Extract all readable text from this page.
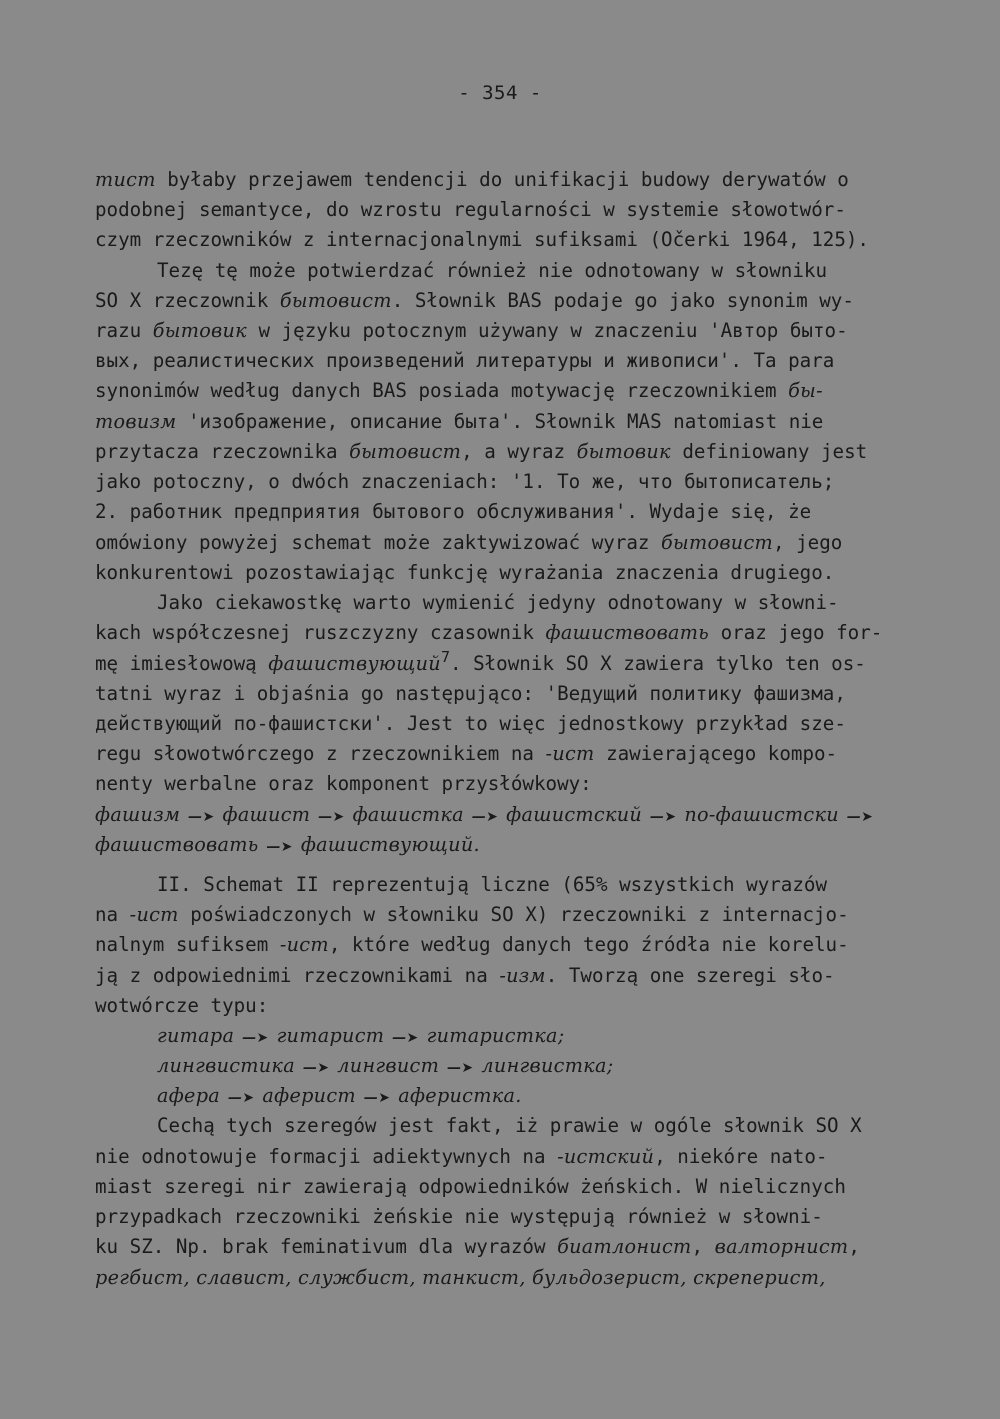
- 354 -
mucm byłaby przejawem tendencji do unifikacji budowy derywatów o
podobnej semantyce, do wzrostu regularności w systemie słowotwór-
czym rzeczowników z internacjonalnymi sufiksami (Očerki 1964, 125).
Tezę tę może potwierdzać również nie odnotowany w słowniku
SO X rzeczownik бытовист. Słownik BAS podaje go jako synonim wy-
razu бытовик w języku potocznym używany w znaczeniu 'Автор быто-
вых, реалистических произведений литературы и живописи'. Ta para
synonimów według danych BAS posiada motywację rzeczownikiem бы-
товизм 'изображение, описание быта'. Słownik MAS natomiast nie
przytacza rzeczownika бытовист, a wyraz бытовик definiowany jest
jako potoczny, o dwóch znaczeniach: '1. То же, что бытописатель;
2. работник предприятия бытового обслуживания'. Wydaje się, że
omówiony powyżej schemat może zaktywizować wyraz бытовист, jego
konkurentowi pozostawiając funkcję wyrażania znaczenia drugiego.
Jako ciekawostkę warto wymienić jedyny odnotowany w słowni-
kach współczesnej ruszczyzny czasownik фашиствовать oraz jego for-
mę imiesłowową фашиствующий$^7$. Słownik SO X zawiera tylko ten os-
tatni wyraz i objaśnia go następująco: 'Ведущий политику фашизма,
действующий по-фашистски'. Jest to więc jednostkowy przykład sze-
regu słowotwórczego z rzeczownikiem na -ист zawierającego kompo-
nenty werbalne oraz komponent przysłówkowy:
фашизм —➤ фашист —➤ фашистка —➤ фашистский —➤ по-фашистски —➤
фашиствовать —➤ фашиствующий.
II. Schemat II reprezentują liczne (65% wszystkich wyrazów
na -ист poświadczonych w słowniku SO X) rzeczowniki z internacjo-
nalnym sufiksem -ист, które według danych tego źródła nie korelu-
ją z odpowiednimi rzeczownikami na -изм. Tworzą one szeregi sło-
wotwórcze typu:
гитара —➤ гитарист —➤ гитаристка;
лингвистика —➤ лингвист —➤ лингвистка;
афера —➤ аферист —➤ аферистка.
Cechą tych szeregów jest fakt, iż prawie w ogóle słownik SO X
nie odnotowuje formacji adiektywnych na -истский, niekóre nato-
miast szeregi nir zawierają odpowiedników żeńskich. W nielicznych
przypadkach rzeczowniki żeńskie nie występują również w słowni-
ku SZ. Np. brak feminativum dla wyrazów биатлонист, валторнист,
регбист, славист, службист, танкист, бульдозерист, скреперист,
